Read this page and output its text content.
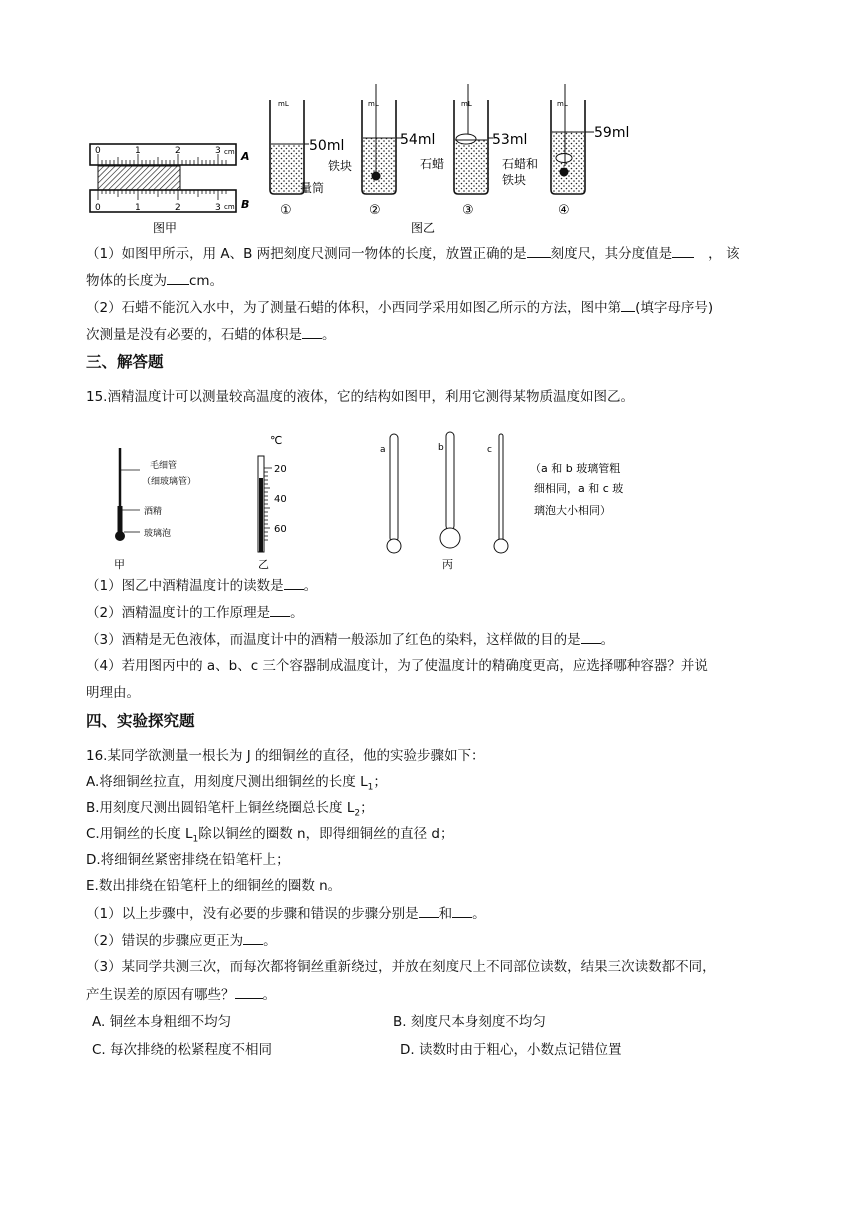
0	1	2	3 cm A
0	1	2	3 cm B
图甲
mL
50ml
量筒
①
mL
54ml
铁块
②
mL
53ml
石蜡
③
mL
59ml
石蜡和
铁块
④
图乙
（1）如图甲所示，用 A、B 两把刻度尺测同一物体的长度，放置正确的是 刻度尺，其分度值是	， 该
物体的长度为 cm。
（2）石蜡不能沉入水中，为了测量石蜡的体积，小西同学采用如图乙所示的方法，图中第 (填字母序号)
次测量是没有必要的，石蜡的体积是 。
三、解答题
15.酒精温度计可以测量较高温度的液体，它的结构如图甲，利用它测得某物质温度如图乙。
毛细管
（细玻璃管）
酒精
玻璃泡
甲
℃
20
40
60
乙
a	b	c
丙
（a 和 b 玻璃管粗
细相同，a 和 c 玻
璃泡大小相同）
（1）图乙中酒精温度计的读数是 。
（2）酒精温度计的工作原理是 。
（3）酒精是无色液体，而温度计中的酒精一般添加了红色的染料，这样做的目的是 。
（4）若用图丙中的 a、b、c 三个容器制成温度计，为了使温度计的精确度更高，应选择哪种容器？并说
明理由。
四、实验探究题
16.某同学欲测量一根长为 J 的细铜丝的直径，他的实验步骤如下：
A.将细铜丝拉直，用刻度尺测出细铜丝的长度 $L_1$；
B.用刻度尺测出圆铅笔杆上铜丝绕圈总长度 $L_2$；
C.用铜丝的长度 $L_1$除以铜丝的圈数 n，即得细铜丝的直径 d；
D.将细铜丝紧密排绕在铅笔杆上；
E.数出排绕在铅笔杆上的细铜丝的圈数 n。
（1）以上步骤中，没有必要的步骤和错误的步骤分别是 和 。
（2）错误的步骤应更正为 。
（3）某同学共测三次，而每次都将铜丝重新绕过，并放在刻度尺上不同部位读数，结果三次读数都不同，
产生误差的原因有哪些？ 。
A. 铜丝本身粗细不均匀	B. 刻度尺本身刻度不均匀
C. 每次排绕的松紧程度不相同	D. 读数时由于粗心，小数点记错位置
